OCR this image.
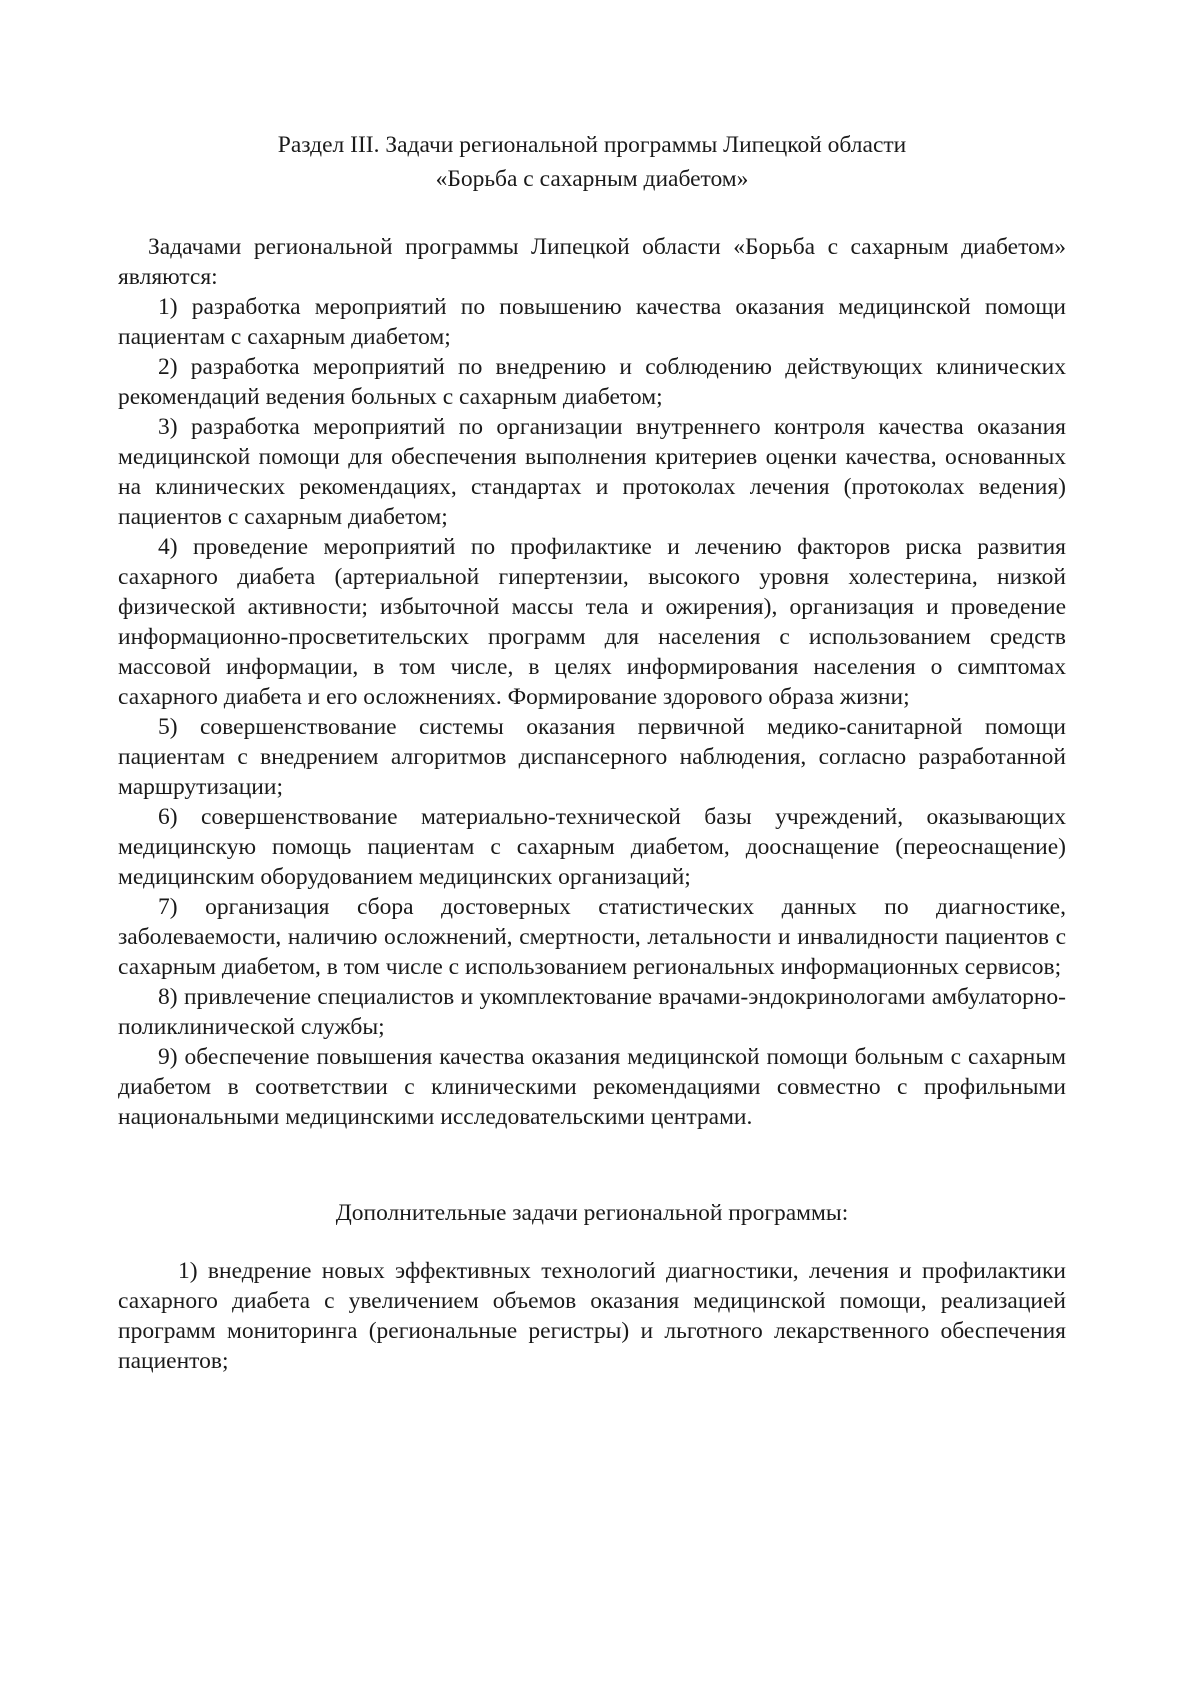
Раздел III. Задачи региональной программы Липецкой области
«Борьба с сахарным диабетом»

Задачами региональной программы Липецкой области «Борьба с сахарным диабетом» являются:

1) разработка мероприятий по повышению качества оказания медицинской помощи пациентам с сахарным диабетом;

2) разработка мероприятий по внедрению и соблюдению действующих клинических рекомендаций ведения больных с сахарным диабетом;

3) разработка мероприятий по организации внутреннего контроля качества оказания медицинской помощи для обеспечения выполнения критериев оценки качества, основанных на клинических рекомендациях, стандартах и протоколах лечения (протоколах ведения) пациентов с сахарным диабетом;

4) проведение мероприятий по профилактике и лечению факторов риска развития сахарного диабета (артериальной гипертензии, высокого уровня холестерина, низкой физической активности; избыточной массы тела и ожирения), организация и проведение информационно-просветительских программ для населения с использованием средств массовой информации, в том числе, в целях информирования населения о симптомах сахарного диабета и его осложнениях. Формирование здорового образа жизни;

5) совершенствование системы оказания первичной медико-санитарной помощи пациентам с внедрением алгоритмов диспансерного наблюдения, согласно разработанной маршрутизации;

6) совершенствование материально-технической базы учреждений, оказывающих медицинскую помощь пациентам с сахарным диабетом, дооснащение (переоснащение) медицинским оборудованием медицинских организаций;

7) организация сбора достоверных статистических данных по диагностике, заболеваемости, наличию осложнений, смертности, летальности и инвалидности пациентов с сахарным диабетом, в том числе с использованием региональных информационных сервисов;

8) привлечение специалистов и укомплектование врачами-эндокринологами амбулаторно-поликлинической службы;

9) обеспечение повышения качества оказания медицинской помощи больным с сахарным диабетом в соответствии с клиническими рекомендациями совместно с профильными национальными медицинскими исследовательскими центрами.

Дополнительные задачи региональной программы:

1) внедрение новых эффективных технологий диагностики, лечения и профилактики сахарного диабета с увеличением объемов оказания медицинской помощи, реализацией программ мониторинга (региональные регистры) и льготного лекарственного обеспечения пациентов;
